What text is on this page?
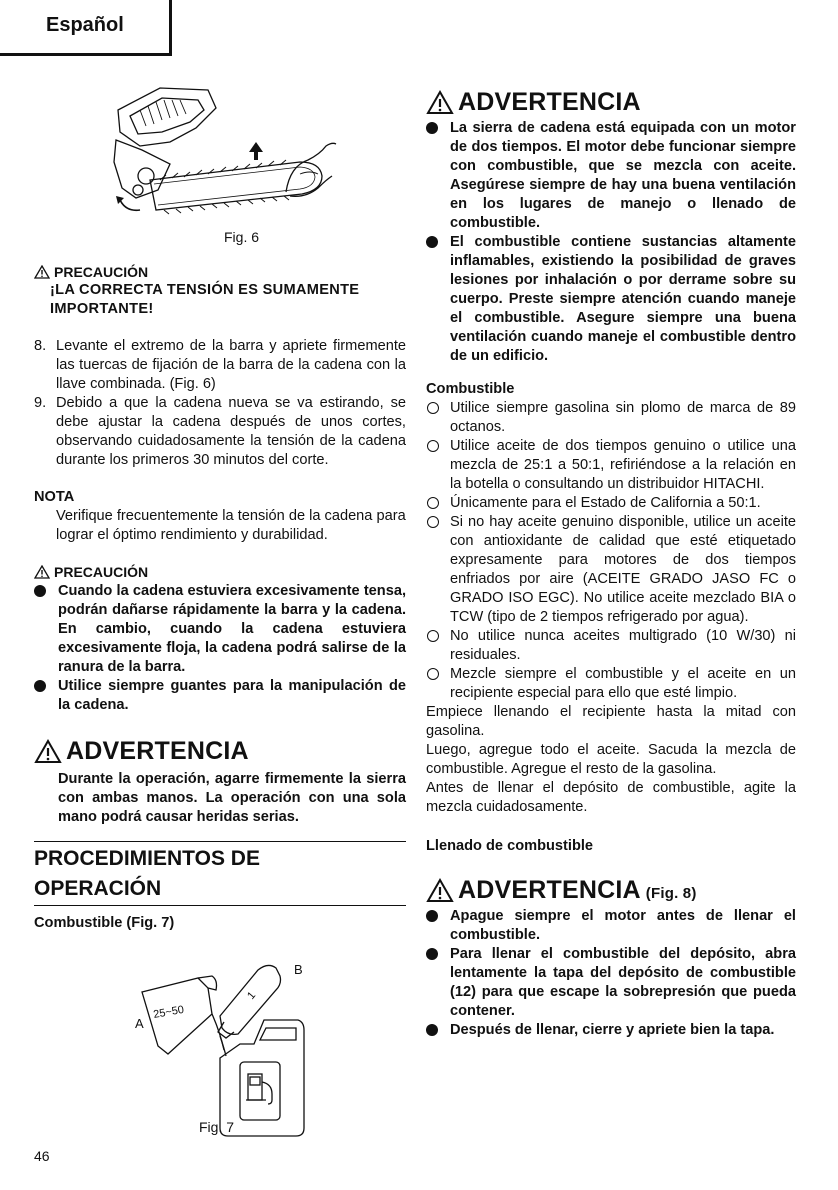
Español
Fig. 6
PRECAUCIÓN
¡LA CORRECTA TENSIÓN ES SUMAMENTE IMPORTANTE!
8. Levante el extremo de la barra y apriete firmemente las tuercas de fijación de la barra de la cadena con la llave combinada. (Fig. 6)
9. Debido a que la cadena nueva se va estirando, se debe ajustar la cadena después de unos cortes, observando cuidadosamente la tensión de la cadena durante los primeros 30 minutos del corte.
NOTA
Verifique frecuentemente la tensión de la cadena para lograr el óptimo rendimiento y durabilidad.
PRECAUCIÓN
Cuando la cadena estuviera excesivamente tensa, podrán dañarse rápidamente la barra y la cadena. En cambio, cuando la cadena estuviera excesivamente floja, la cadena podrá salirse de la ranura de la barra.
Utilice siempre guantes para la manipulación de la cadena.
ADVERTENCIA
Durante la operación, agarre firmemente la sierra con ambas manos. La operación con una sola mano podrá causar heridas serias.
PROCEDIMIENTOS DE
OPERACIÓN
Combustible (Fig. 7)
25~50
1
A
B
Fig. 7
ADVERTENCIA
La sierra de cadena está equipada con un motor de dos tiempos. El motor debe funcionar siempre con combustible, que se mezcla con aceite. Asegúrese siempre de hay una buena ventilación en los lugares de manejo o llenado de combustible.
El combustible contiene sustancias altamente inflamables, existiendo la posibilidad de graves lesiones por inhalación o por derrame sobre su cuerpo. Preste siempre atención cuando maneje el combustible. Asegure siempre una buena ventilación cuando maneje el combustible dentro de un edificio.
Combustible
Utilice siempre gasolina sin plomo de marca de 89 octanos.
Utilice aceite de dos tiempos genuino o utilice una mezcla de 25:1 a 50:1, refiriéndose a la relación en la botella o consultando un distribuidor HITACHI.
Únicamente para el Estado de California a 50:1.
Si no hay aceite genuino disponible, utilice un aceite con antioxidante de calidad que esté etiquetado expresamente para motores de dos tiempos enfriados por aire (ACEITE GRADO JASO FC o GRADO ISO EGC). No utilice aceite mezclado BIA o TCW (tipo de 2 tiempos refrigerado por agua).
No utilice nunca aceites multigrado (10 W/30) ni residuales.
Mezcle siempre el combustible y el aceite en un recipiente especial para ello que esté limpio.
Empiece llenando el recipiente hasta la mitad con gasolina.
Luego, agregue todo el aceite. Sacuda la mezcla de combustible. Agregue el resto de la gasolina.
Antes de llenar el depósito de combustible, agite la mezcla cuidadosamente.
Llenado de combustible
ADVERTENCIA (Fig. 8)
Apague siempre el motor antes de llenar el combustible.
Para llenar el combustible del depósito, abra lentamente la tapa del depósito de combustible (12) para que escape la sobrepresión que pueda contener.
Después de llenar, cierre y apriete bien la tapa.
46
